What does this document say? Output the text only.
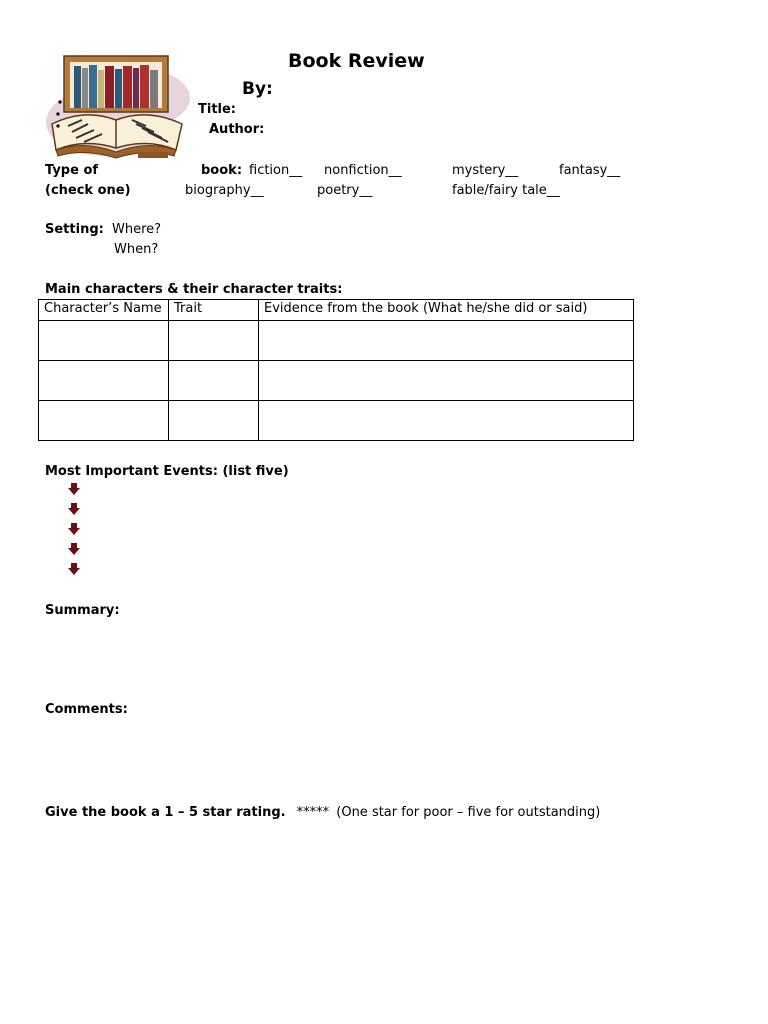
Book Review
By:
Title:
Author:
Type of
(check one)
book: fiction__ nonfiction__	mystery__	fantasy__
biography__	poetry__	fable/fairy tale__
Setting: Where?
When?
Main characters & their character traits:
Character’s Name	Trait	Evidence from the book (What he/she did or said)

Most Important Events: (list five)
Summary:
Comments:
Give the book a 1 – 5 star rating. ***** (One star for poor – five for outstanding)
